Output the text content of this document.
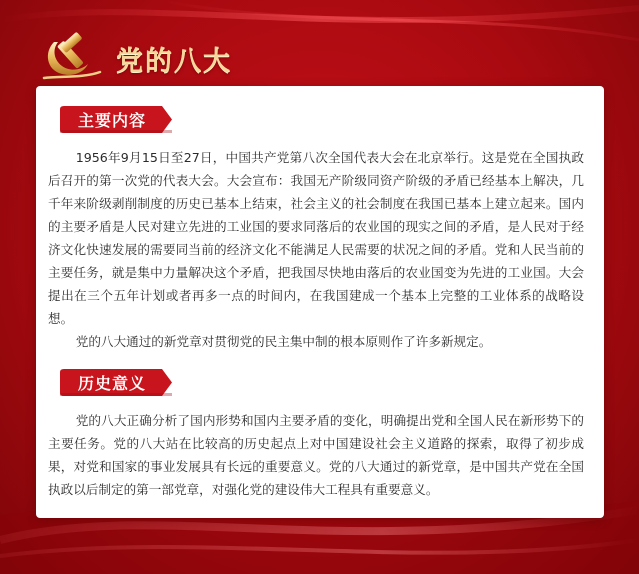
党的八大
主要内容

1956年9月15日至27日，中国共产党第八次全国代表大会在北京举行。这是党在全国执政后召开的第一次党的代表大会。大会宣布：我国无产阶级同资产阶级的矛盾已经基本上解决，几千年来阶级剥削制度的历史已基本上结束，社会主义的社会制度在我国已基本上建立起来。国内的主要矛盾是人民对建立先进的工业国的要求同落后的农业国的现实之间的矛盾，是人民对于经济文化快速发展的需要同当前的经济文化不能满足人民需要的状况之间的矛盾。党和人民当前的主要任务，就是集中力量解决这个矛盾，把我国尽快地由落后的农业国变为先进的工业国。大会提出在三个五年计划或者再多一点的时间内，在我国建成一个基本上完整的工业体系的战略设想。

党的八大通过的新党章对贯彻党的民主集中制的根本原则作了许多新规定。

历史意义

党的八大正确分析了国内形势和国内主要矛盾的变化，明确提出党和全国人民在新形势下的主要任务。党的八大站在比较高的历史起点上对中国建设社会主义道路的探索，取得了初步成果，对党和国家的事业发展具有长远的重要意义。党的八大通过的新党章，是中国共产党在全国执政以后制定的第一部党章，对强化党的建设伟大工程具有重要意义。
